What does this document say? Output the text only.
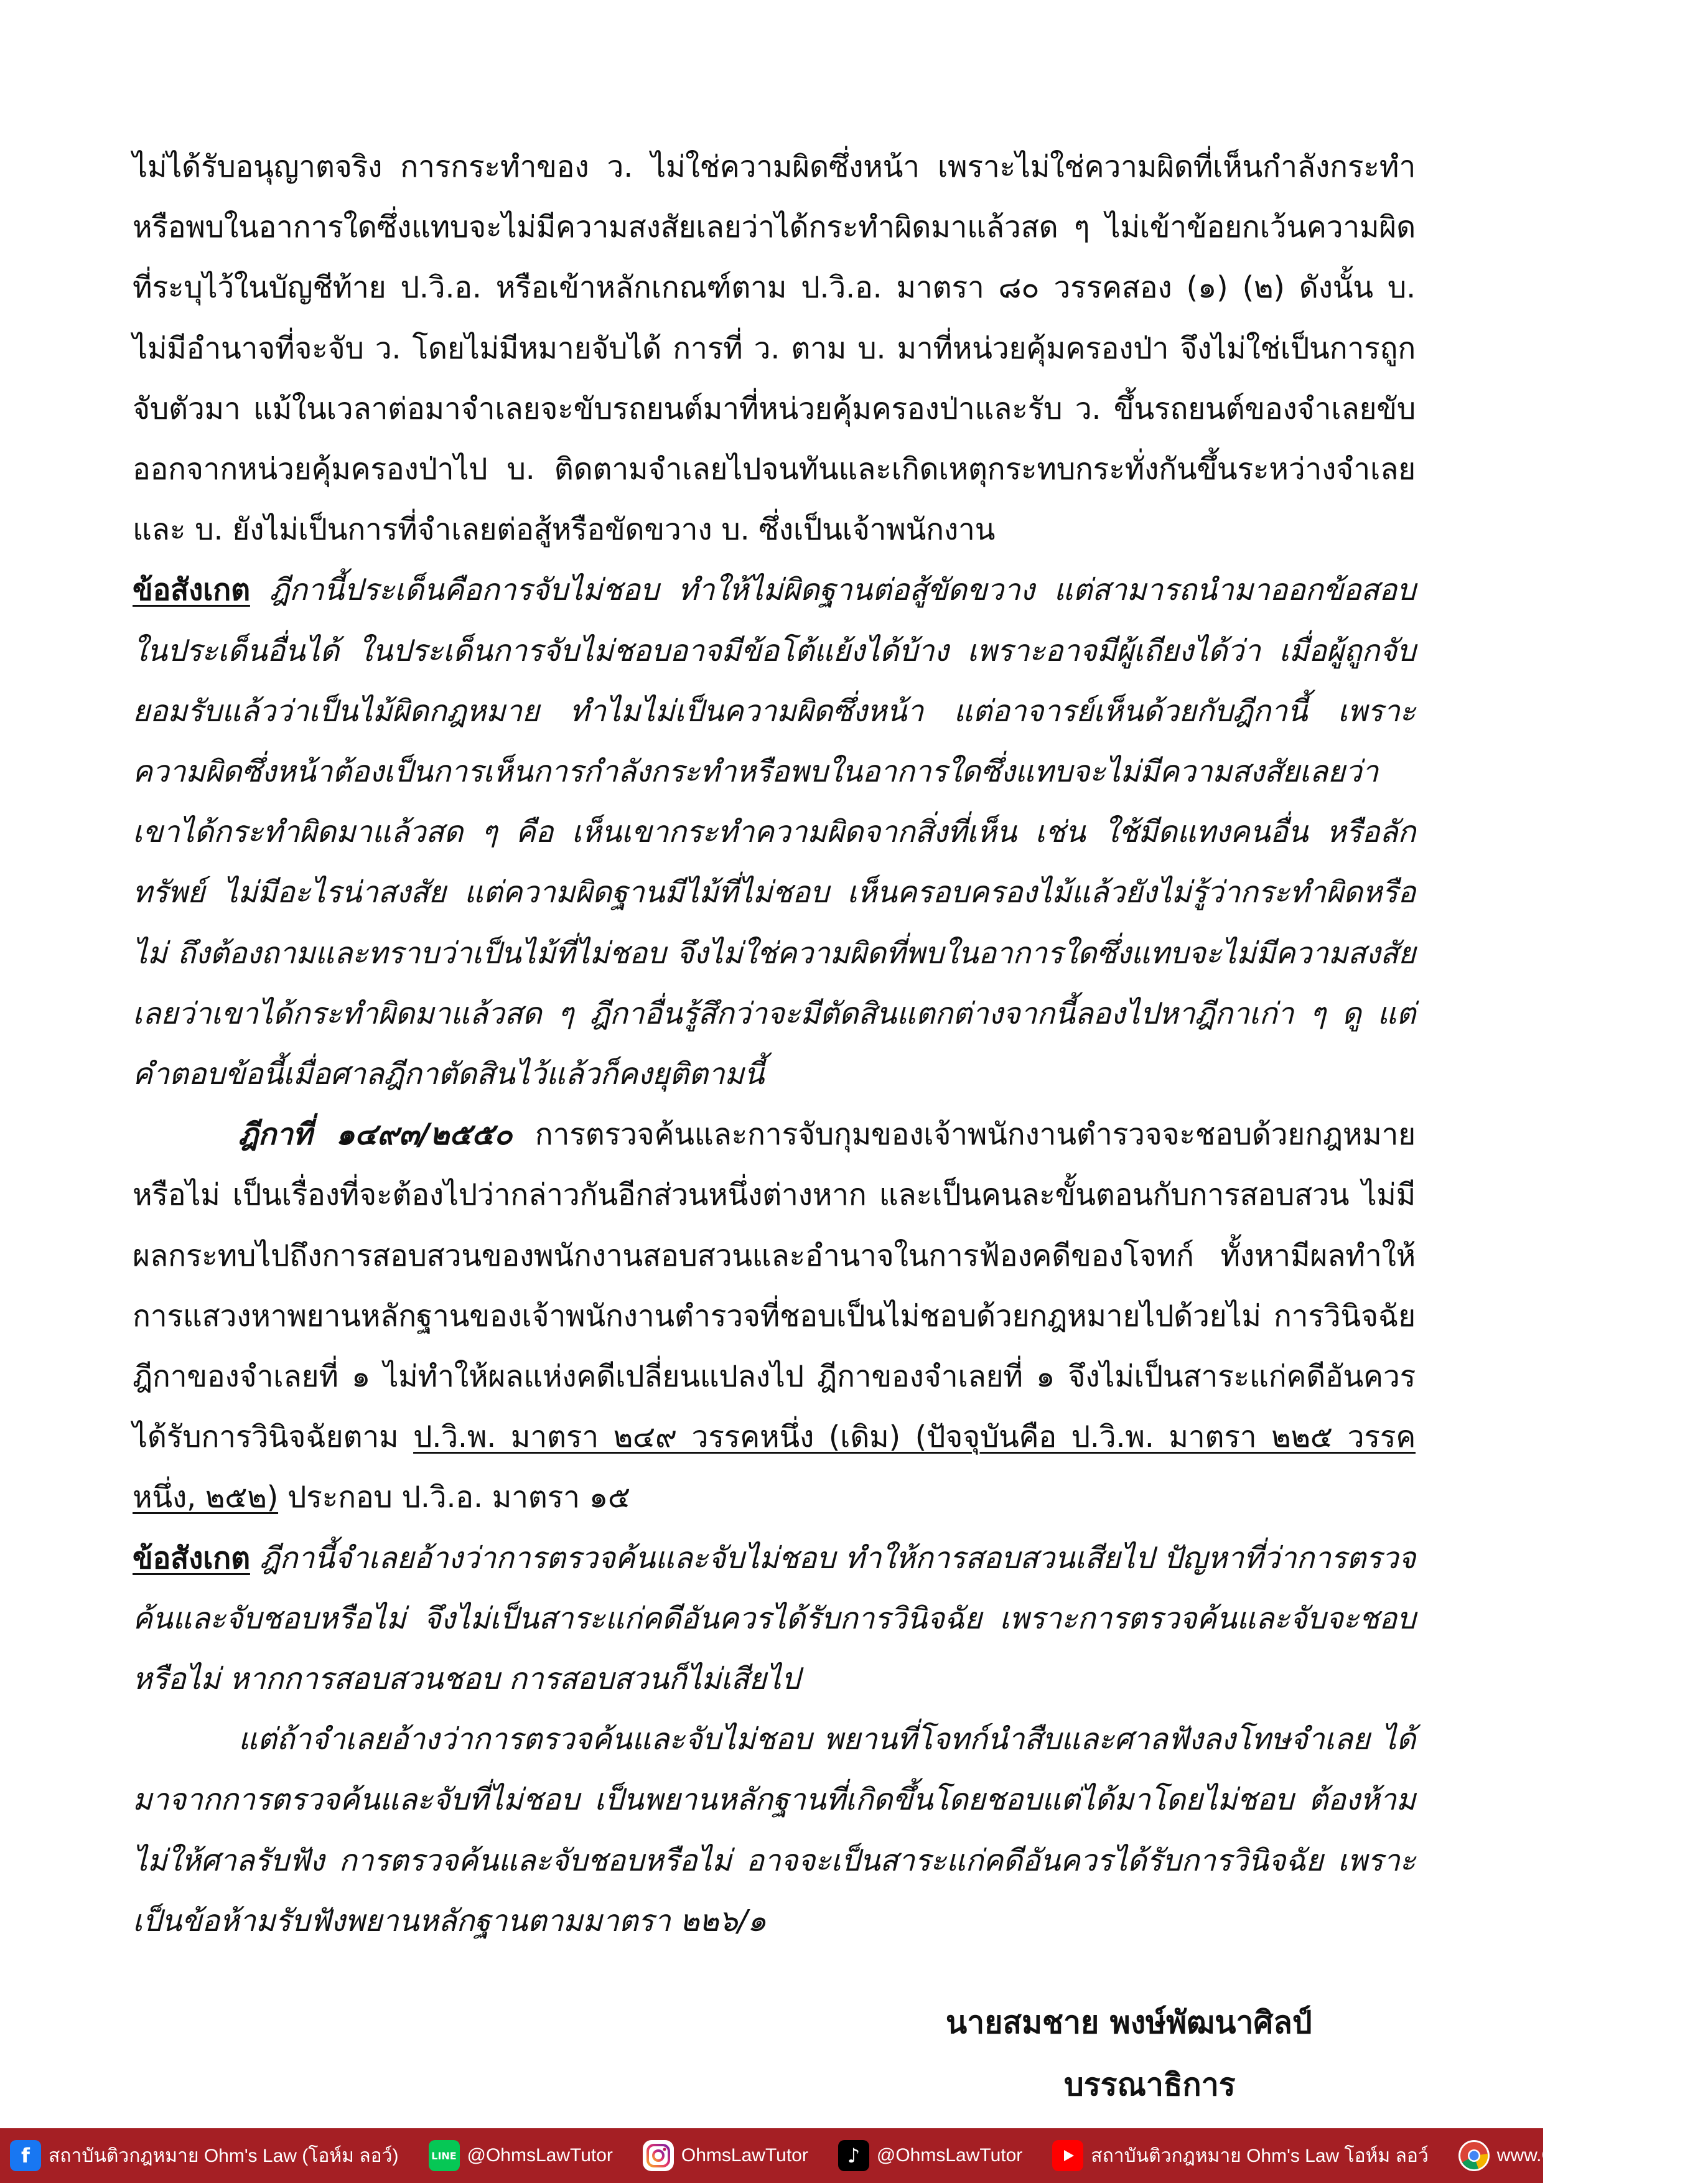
ไม่ได้รับอนุญาตจริง การกระทำของ ว. ไม่ใช่ความผิดซึ่งหน้า เพราะไม่ใช่ความผิดที่เห็นกำลังกระทำหรือพบในอาการใดซึ่งแทบจะไม่มีความสงสัยเลยว่าได้กระทำผิดมาแล้วสด ๆ ไม่เข้าข้อยกเว้นความผิดที่ระบุไว้ในบัญชีท้าย ป.วิ.อ. หรือเข้าหลักเกณฑ์ตาม ป.วิ.อ. มาตรา ๘๐ วรรคสอง (๑) (๒) ดังนั้น บ. ไม่มีอำนาจที่จะจับ ว. โดยไม่มีหมายจับได้ การที่ ว. ตาม บ. มาที่หน่วยคุ้มครองป่า จึงไม่ใช่เป็นการถูกจับตัวมา แม้ในเวลาต่อมาจำเลยจะขับรถยนต์มาที่หน่วยคุ้มครองป่าและรับ ว. ขึ้นรถยนต์ของจำเลยขับออกจากหน่วยคุ้มครองป่าไป บ. ติดตามจำเลยไปจนทันและเกิดเหตุกระทบกระทั่งกันขึ้นระหว่างจำเลยและ บ. ยังไม่เป็นการที่จำเลยต่อสู้หรือขัดขวาง บ. ซึ่งเป็นเจ้าพนักงาน

ข้อสังเกต ฎีกานี้ประเด็นคือการจับไม่ชอบ ทำให้ไม่ผิดฐานต่อสู้ขัดขวาง แต่สามารถนำมาออกข้อสอบในประเด็นอื่นได้ ในประเด็นการจับไม่ชอบอาจมีข้อโต้แย้งได้บ้าง เพราะอาจมีผู้เถียงได้ว่า เมื่อผู้ถูกจับยอมรับแล้วว่าเป็นไม้ผิดกฎหมาย ทำไมไม่เป็นความผิดซึ่งหน้า แต่อาจารย์เห็นด้วยกับฎีกานี้ เพราะความผิดซึ่งหน้าต้องเป็นการเห็นการกำลังกระทำหรือพบในอาการใดซึ่งแทบจะไม่มีความสงสัยเลยว่าเขาได้กระทำผิดมาแล้วสด ๆ คือ เห็นเขากระทำความผิดจากสิ่งที่เห็น เช่น ใช้มีดแทงคนอื่น หรือลักทรัพย์ ไม่มีอะไรน่าสงสัย แต่ความผิดฐานมีไม้ที่ไม่ชอบ เห็นครอบครองไม้แล้วยังไม่รู้ว่ากระทำผิดหรือไม่ ถึงต้องถามและทราบว่าเป็นไม้ที่ไม่ชอบ จึงไม่ใช่ความผิดที่พบในอาการใดซึ่งแทบจะไม่มีความสงสัยเลยว่าเขาได้กระทำผิดมาแล้วสด ๆ ฎีกาอื่นรู้สึกว่าจะมีตัดสินแตกต่างจากนี้ลองไปหาฎีกาเก่า ๆ ดู แต่คำตอบข้อนี้เมื่อศาลฎีกาตัดสินไว้แล้วก็คงยุติตามนี้

ฎีกาที่ ๑๔๙๓/๒๕๕๐ การตรวจค้นและการจับกุมของเจ้าพนักงานตำรวจจะชอบด้วยกฎหมายหรือไม่ เป็นเรื่องที่จะต้องไปว่ากล่าวกันอีกส่วนหนึ่งต่างหาก และเป็นคนละขั้นตอนกับการสอบสวน ไม่มีผลกระทบไปถึงการสอบสวนของพนักงานสอบสวนและอำนาจในการฟ้องคดีของโจทก์ ทั้งหามีผลทำให้การแสวงหาพยานหลักฐานของเจ้าพนักงานตำรวจที่ชอบเป็นไม่ชอบด้วยกฎหมายไปด้วยไม่ การวินิจฉัยฎีกาของจำเลยที่ ๑ ไม่ทำให้ผลแห่งคดีเปลี่ยนแปลงไป ฎีกาของจำเลยที่ ๑ จึงไม่เป็นสาระแก่คดีอันควรได้รับการวินิจฉัยตาม ป.วิ.พ. มาตรา ๒๔๙ วรรคหนึ่ง (เดิม) (ปัจจุบันคือ ป.วิ.พ. มาตรา ๒๒๕ วรรคหนึ่ง, ๒๕๒) ประกอบ ป.วิ.อ. มาตรา ๑๕

ข้อสังเกต ฎีกานี้จำเลยอ้างว่าการตรวจค้นและจับไม่ชอบ ทำให้การสอบสวนเสียไป ปัญหาที่ว่าการตรวจค้นและจับชอบหรือไม่ จึงไม่เป็นสาระแก่คดีอันควรได้รับการวินิจฉัย เพราะการตรวจค้นและจับจะชอบหรือไม่ หากการสอบสวนชอบ การสอบสวนก็ไม่เสียไป

แต่ถ้าจำเลยอ้างว่าการตรวจค้นและจับไม่ชอบ พยานที่โจทก์นำสืบและศาลฟังลงโทษจำเลย ได้มาจากการตรวจค้นและจับที่ไม่ชอบ เป็นพยานหลักฐานที่เกิดขึ้นโดยชอบแต่ได้มาโดยไม่ชอบ ต้องห้ามไม่ให้ศาลรับฟัง การตรวจค้นและจับชอบหรือไม่ อาจจะเป็นสาระแก่คดีอันควรได้รับการวินิจฉัย เพราะเป็นข้อห้ามรับฟังพยานหลักฐานตามมาตรา ๒๒๖/๑

นายสมชาย พงษ์พัฒนาศิลป์
บรรณาธิการ
f	สถาบันติวกฎหมาย Ohm's Law (โอห์ม ลอว์)	LINE @OhmsLawTutor	OhmsLawTutor	♪ @OhmsLawTutor	สถาบันติวกฎหมาย Ohm's Law โอห์ม ลอว์	www.OhmsLawTutor.com
